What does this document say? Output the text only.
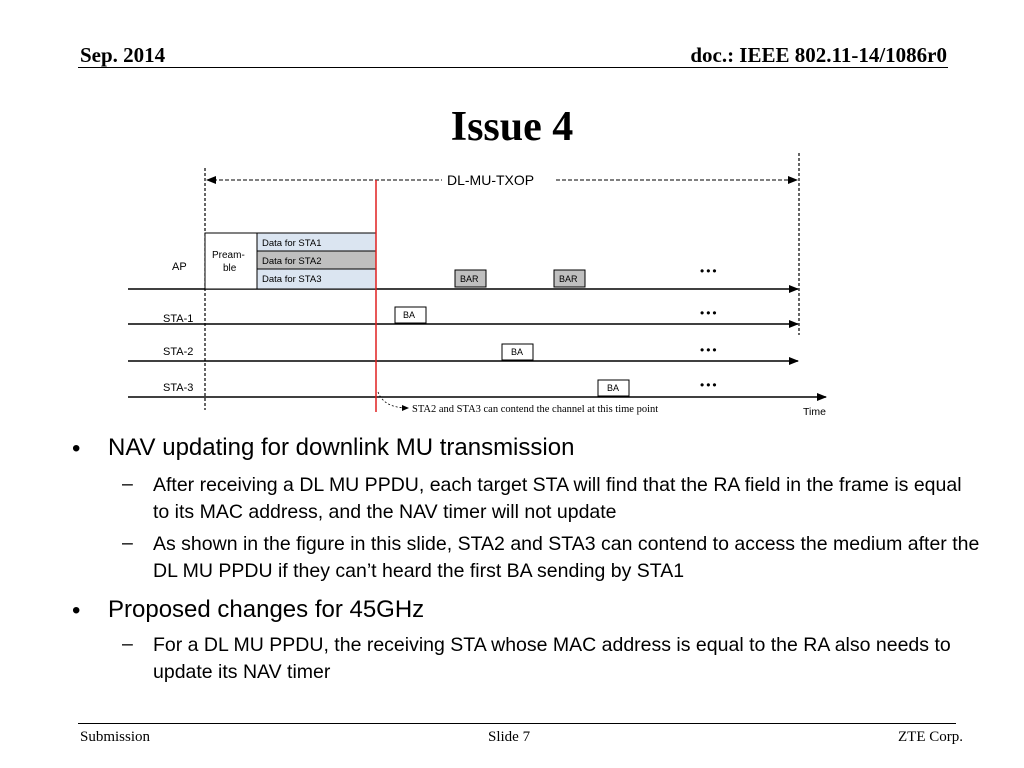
Sep. 2014	doc.: IEEE 802.11-14/1086r0
Issue 4
DL-MU-TXOP
AP
STA-1
STA-2
STA-3
Pream-
ble
Data for STA1
Data for STA2
Data for STA3	BAR	BAR
BA
BA
BA
•••
•••
•••
•••
STA2 and STA3 can contend the channel at this time point	Time
• NAV updating for downlink MU transmission
– After receiving a DL MU PPDU, each target STA will find that the RA field in the frame is equal to its MAC address, and the NAV timer will not update
– As shown in the figure in this slide, STA2 and STA3 can contend to access the medium after the DL MU PPDU if they can’t heard the first BA sending by STA1
• Proposed changes for 45GHz
– For a DL MU PPDU, the receiving STA whose MAC address is equal to the RA also needs to update its NAV timer
Submission	Slide 7	ZTE Corp.
